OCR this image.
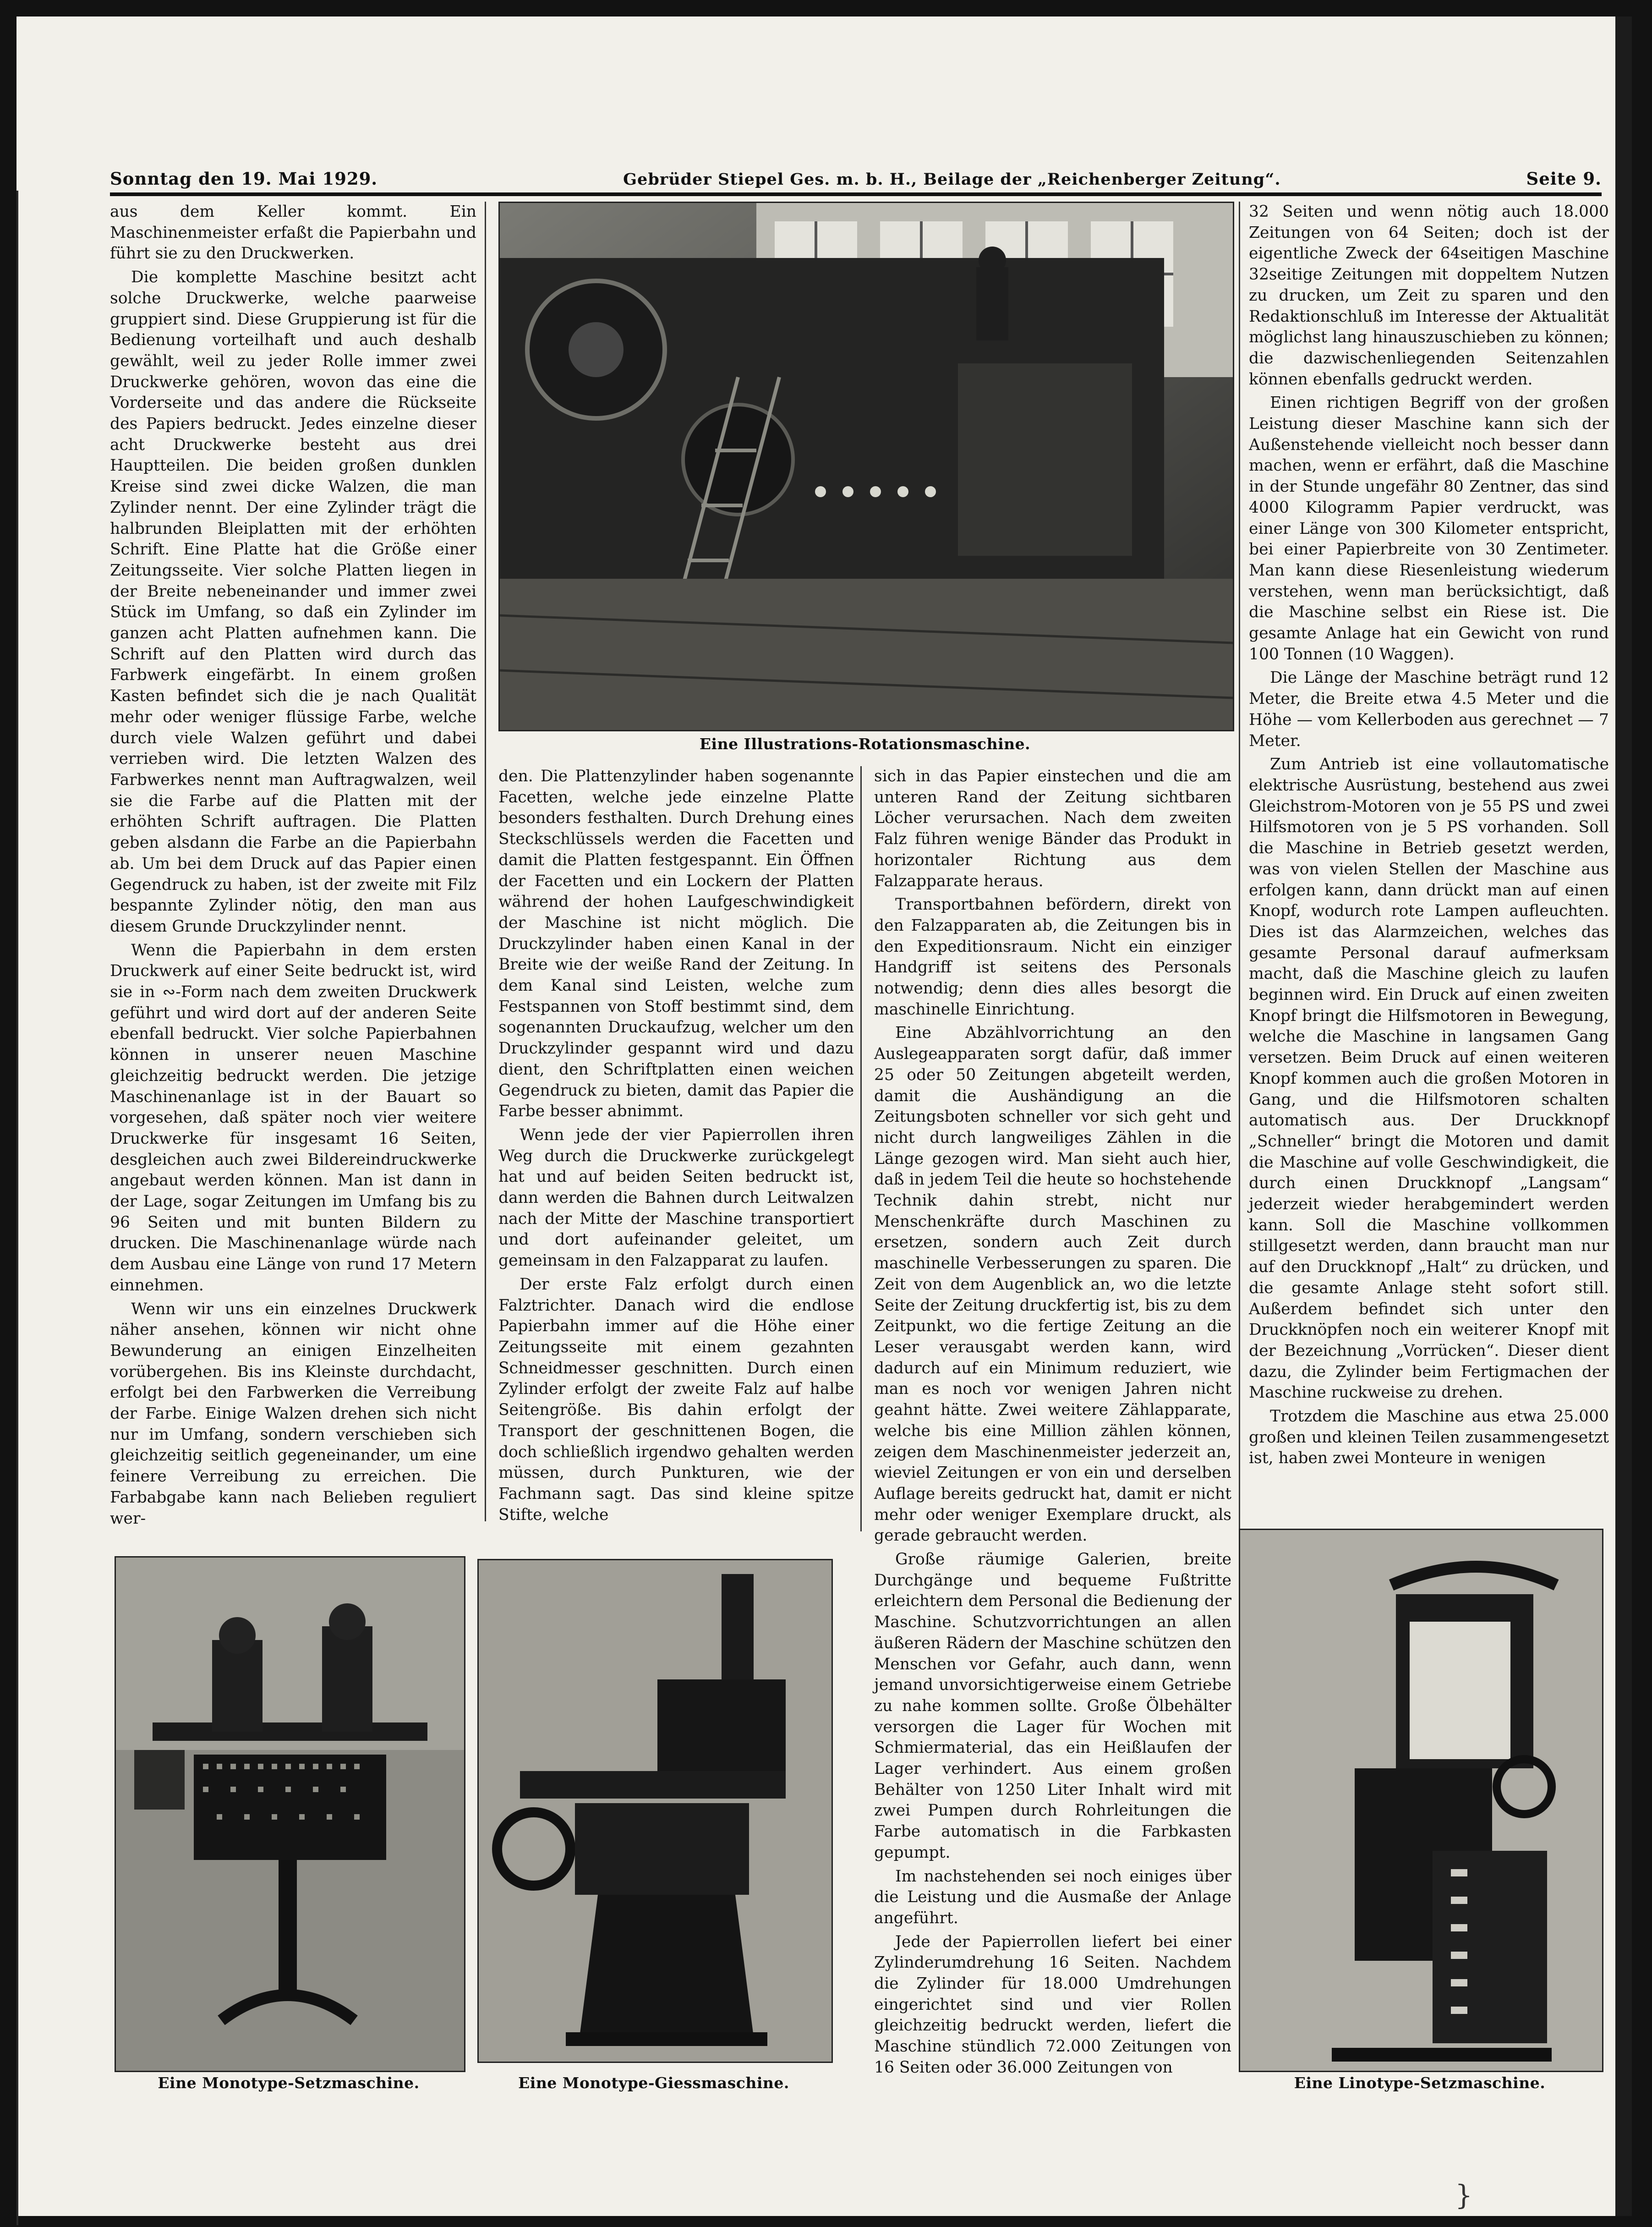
Sonntag den 19. Mai 1929.	Gebrüder Stiepel Ges. m. b. H., Beilage der „Reichenberger Zeitung“.	Seite 9.

aus dem Keller kommt. Ein Maschinenmeister erfaßt die Papierbahn und führt sie zu den Druckwerken.

Die komplette Maschine besitzt acht solche Druckwerke, welche paarweise gruppiert sind. Diese Gruppierung ist für die Bedienung vorteilhaft und auch deshalb gewählt, weil zu jeder Rolle immer zwei Druckwerke gehören, wovon das eine die Vorderseite und das andere die Rückseite des Papiers bedruckt. Jedes einzelne dieser acht Druckwerke besteht aus drei Hauptteilen. Die beiden großen dunklen Kreise sind zwei dicke Walzen, die man Zylinder nennt. Der eine Zylinder trägt die halbrunden Bleiplatten mit der erhöhten Schrift. Eine Platte hat die Größe einer Zeitungsseite. Vier solche Platten liegen in der Breite nebeneinander und immer zwei Stück im Umfang, so daß ein Zylinder im ganzen acht Platten aufnehmen kann. Die Schrift auf den Platten wird durch das Farbwerk eingefärbt. In einem großen Kasten befindet sich die je nach Qualität mehr oder weniger flüssige Farbe, welche durch viele Walzen geführt und dabei verrieben wird. Die letzten Walzen des Farbwerkes nennt man Auftragwalzen, weil sie die Farbe auf die Platten mit der erhöhten Schrift auftragen. Die Platten geben alsdann die Farbe an die Papierbahn ab. Um bei dem Druck auf das Papier einen Gegendruck zu haben, ist der zweite mit Filz bespannte Zylinder nötig, den man aus diesem Grunde Druckzylinder nennt.

Wenn die Papierbahn in dem ersten Druckwerk auf einer Seite bedruckt ist, wird sie in ∾-Form nach dem zweiten Druckwerk geführt und wird dort auf der anderen Seite ebenfall bedruckt. Vier solche Papierbahnen können in unserer neuen Maschine gleichzeitig bedruckt werden. Die jetzige Maschinenanlage ist in der Bauart so vorgesehen, daß später noch vier weitere Druckwerke für insgesamt 16 Seiten, desgleichen auch zwei Bildereindruckwerke angebaut werden können. Man ist dann in der Lage, sogar Zeitungen im Umfang bis zu 96 Seiten und mit bunten Bildern zu drucken. Die Maschinenanlage würde nach dem Ausbau eine Länge von rund 17 Metern einnehmen.

Wenn wir uns ein einzelnes Druckwerk näher ansehen, können wir nicht ohne Bewunderung an einigen Einzelheiten vorübergehen. Bis ins Kleinste durchdacht, erfolgt bei den Farbwerken die Verreibung der Farbe. Einige Walzen drehen sich nicht nur im Umfang, sondern verschieben sich gleichzeitig seitlich gegeneinander, um eine feinere Verreibung zu erreichen. Die Farbabgabe kann nach Belieben reguliert wer-

Eine Illustrations-Rotationsmaschine.

den. Die Plattenzylinder haben sogenannte Facetten, welche jede einzelne Platte besonders festhalten. Durch Drehung eines Steckschlüssels werden die Facetten und damit die Platten festgespannt. Ein Öffnen der Facetten und ein Lockern der Platten während der hohen Laufgeschwindigkeit der Maschine ist nicht möglich. Die Druckzylinder haben einen Kanal in der Breite wie der weiße Rand der Zeitung. In dem Kanal sind Leisten, welche zum Festspannen von Stoff bestimmt sind, dem sogenannten Druckaufzug, welcher um den Druckzylinder gespannt wird und dazu dient, den Schriftplatten einen weichen Gegendruck zu bieten, damit das Papier die Farbe besser abnimmt.

Wenn jede der vier Papierrollen ihren Weg durch die Druckwerke zurückgelegt hat und auf beiden Seiten bedruckt ist, dann werden die Bahnen durch Leitwalzen nach der Mitte der Maschine transportiert und dort aufeinander geleitet, um gemeinsam in den Falzapparat zu laufen.

Der erste Falz erfolgt durch einen Falztrichter. Danach wird die endlose Papierbahn immer auf die Höhe einer Zeitungsseite mit einem gezahnten Schneidmesser geschnitten. Durch einen Zylinder erfolgt der zweite Falz auf halbe Seitengröße. Bis dahin erfolgt der Transport der geschnittenen Bogen, die doch schließlich irgendwo gehalten werden müssen, durch Punkturen, wie der Fachmann sagt. Das sind kleine spitze Stifte, welche

sich in das Papier einstechen und die am unteren Rand der Zeitung sichtbaren Löcher verursachen. Nach dem zweiten Falz führen wenige Bänder das Produkt in horizontaler Richtung aus dem Falzapparate heraus.

Transportbahnen befördern, direkt von den Falzapparaten ab, die Zeitungen bis in den Expeditionsraum. Nicht ein einziger Handgriff ist seitens des Personals notwendig; denn dies alles besorgt die maschinelle Einrichtung.

Eine Abzählvorrichtung an den Auslegeapparaten sorgt dafür, daß immer 25 oder 50 Zeitungen abgeteilt werden, damit die Aushändigung an die Zeitungsboten schneller vor sich geht und nicht durch langweiliges Zählen in die Länge gezogen wird. Man sieht auch hier, daß in jedem Teil die heute so hochstehende Technik dahin strebt, nicht nur Menschenkräfte durch Maschinen zu ersetzen, sondern auch Zeit durch maschinelle Verbesserungen zu sparen. Die Zeit von dem Augenblick an, wo die letzte Seite der Zeitung druckfertig ist, bis zu dem Zeitpunkt, wo die fertige Zeitung an die Leser verausgabt werden kann, wird dadurch auf ein Minimum reduziert, wie man es noch vor wenigen Jahren nicht geahnt hätte. Zwei weitere Zählapparate, welche bis eine Million zählen können, zeigen dem Maschinenmeister jederzeit an, wieviel Zeitungen er von ein und derselben Auflage bereits gedruckt hat, damit er nicht mehr oder weniger Exemplare druckt, als gerade gebraucht werden.

Große räumige Galerien, breite Durchgänge und bequeme Fußtritte erleichtern dem Personal die Bedienung der Maschine. Schutzvorrichtungen an allen äußeren Rädern der Maschine schützen den Menschen vor Gefahr, auch dann, wenn jemand unvorsichtigerweise einem Getriebe zu nahe kommen sollte. Große Ölbehälter versorgen die Lager für Wochen mit Schmiermaterial, das ein Heißlaufen der Lager verhindert. Aus einem großen Behälter von 1250 Liter Inhalt wird mit zwei Pumpen durch Rohrleitungen die Farbe automatisch in die Farbkasten gepumpt.

Im nachstehenden sei noch einiges über die Leistung und die Ausmaße der Anlage angeführt.

Jede der Papierrollen liefert bei einer Zylinderumdrehung 16 Seiten. Nachdem die Zylinder für 18.000 Umdrehungen eingerichtet sind und vier Rollen gleichzeitig bedruckt werden, liefert die Maschine stündlich 72.000 Zeitungen von 16 Seiten oder 36.000 Zeitungen von

32 Seiten und wenn nötig auch 18.000 Zeitungen von 64 Seiten; doch ist der eigentliche Zweck der 64seitigen Maschine 32seitige Zeitungen mit doppeltem Nutzen zu drucken, um Zeit zu sparen und den Redaktionschluß im Interesse der Aktualität möglichst lang hinauszuschieben zu können; die dazwischenliegenden Seitenzahlen können ebenfalls gedruckt werden.

Einen richtigen Begriff von der großen Leistung dieser Maschine kann sich der Außenstehende vielleicht noch besser dann machen, wenn er erfährt, daß die Maschine in der Stunde ungefähr 80 Zentner, das sind 4000 Kilogramm Papier verdruckt, was einer Länge von 300 Kilometer entspricht, bei einer Papierbreite von 30 Zentimeter. Man kann diese Riesenleistung wiederum verstehen, wenn man berücksichtigt, daß die Maschine selbst ein Riese ist. Die gesamte Anlage hat ein Gewicht von rund 100 Tonnen (10 Waggen).

Die Länge der Maschine beträgt rund 12 Meter, die Breite etwa 4.5 Meter und die Höhe — vom Kellerboden aus gerechnet — 7 Meter.

Zum Antrieb ist eine vollautomatische elektrische Ausrüstung, bestehend aus zwei Gleichstrom-Motoren von je 55 PS und zwei Hilfsmotoren von je 5 PS vorhanden. Soll die Maschine in Betrieb gesetzt werden, was von vielen Stellen der Maschine aus erfolgen kann, dann drückt man auf einen Knopf, wodurch rote Lampen aufleuchten. Dies ist das Alarmzeichen, welches das gesamte Personal darauf aufmerksam macht, daß die Maschine gleich zu laufen beginnen wird. Ein Druck auf einen zweiten Knopf bringt die Hilfsmotoren in Bewegung, welche die Maschine in langsamen Gang versetzen. Beim Druck auf einen weiteren Knopf kommen auch die großen Motoren in Gang, und die Hilfsmotoren schalten automatisch aus. Der Druckknopf „Schneller“ bringt die Motoren und damit die Maschine auf volle Geschwindigkeit, die durch einen Druckknopf „Langsam“ jederzeit wieder herabgemindert werden kann. Soll die Maschine vollkommen stillgesetzt werden, dann braucht man nur auf den Druckknopf „Halt“ zu drücken, und die gesamte Anlage steht sofort still. Außerdem befindet sich unter den Druckknöpfen noch ein weiterer Knopf mit der Bezeichnung „Vorrücken“. Dieser dient dazu, die Zylinder beim Fertigmachen der Maschine ruckweise zu drehen.

Trotzdem die Maschine aus etwa 25.000 großen und kleinen Teilen zusammengesetzt ist, haben zwei Monteure in wenigen

Eine Monotype-Setzmaschine.	Eine Monotype-Giessmaschine.	Eine Linotype-Setzmaschine.
}
